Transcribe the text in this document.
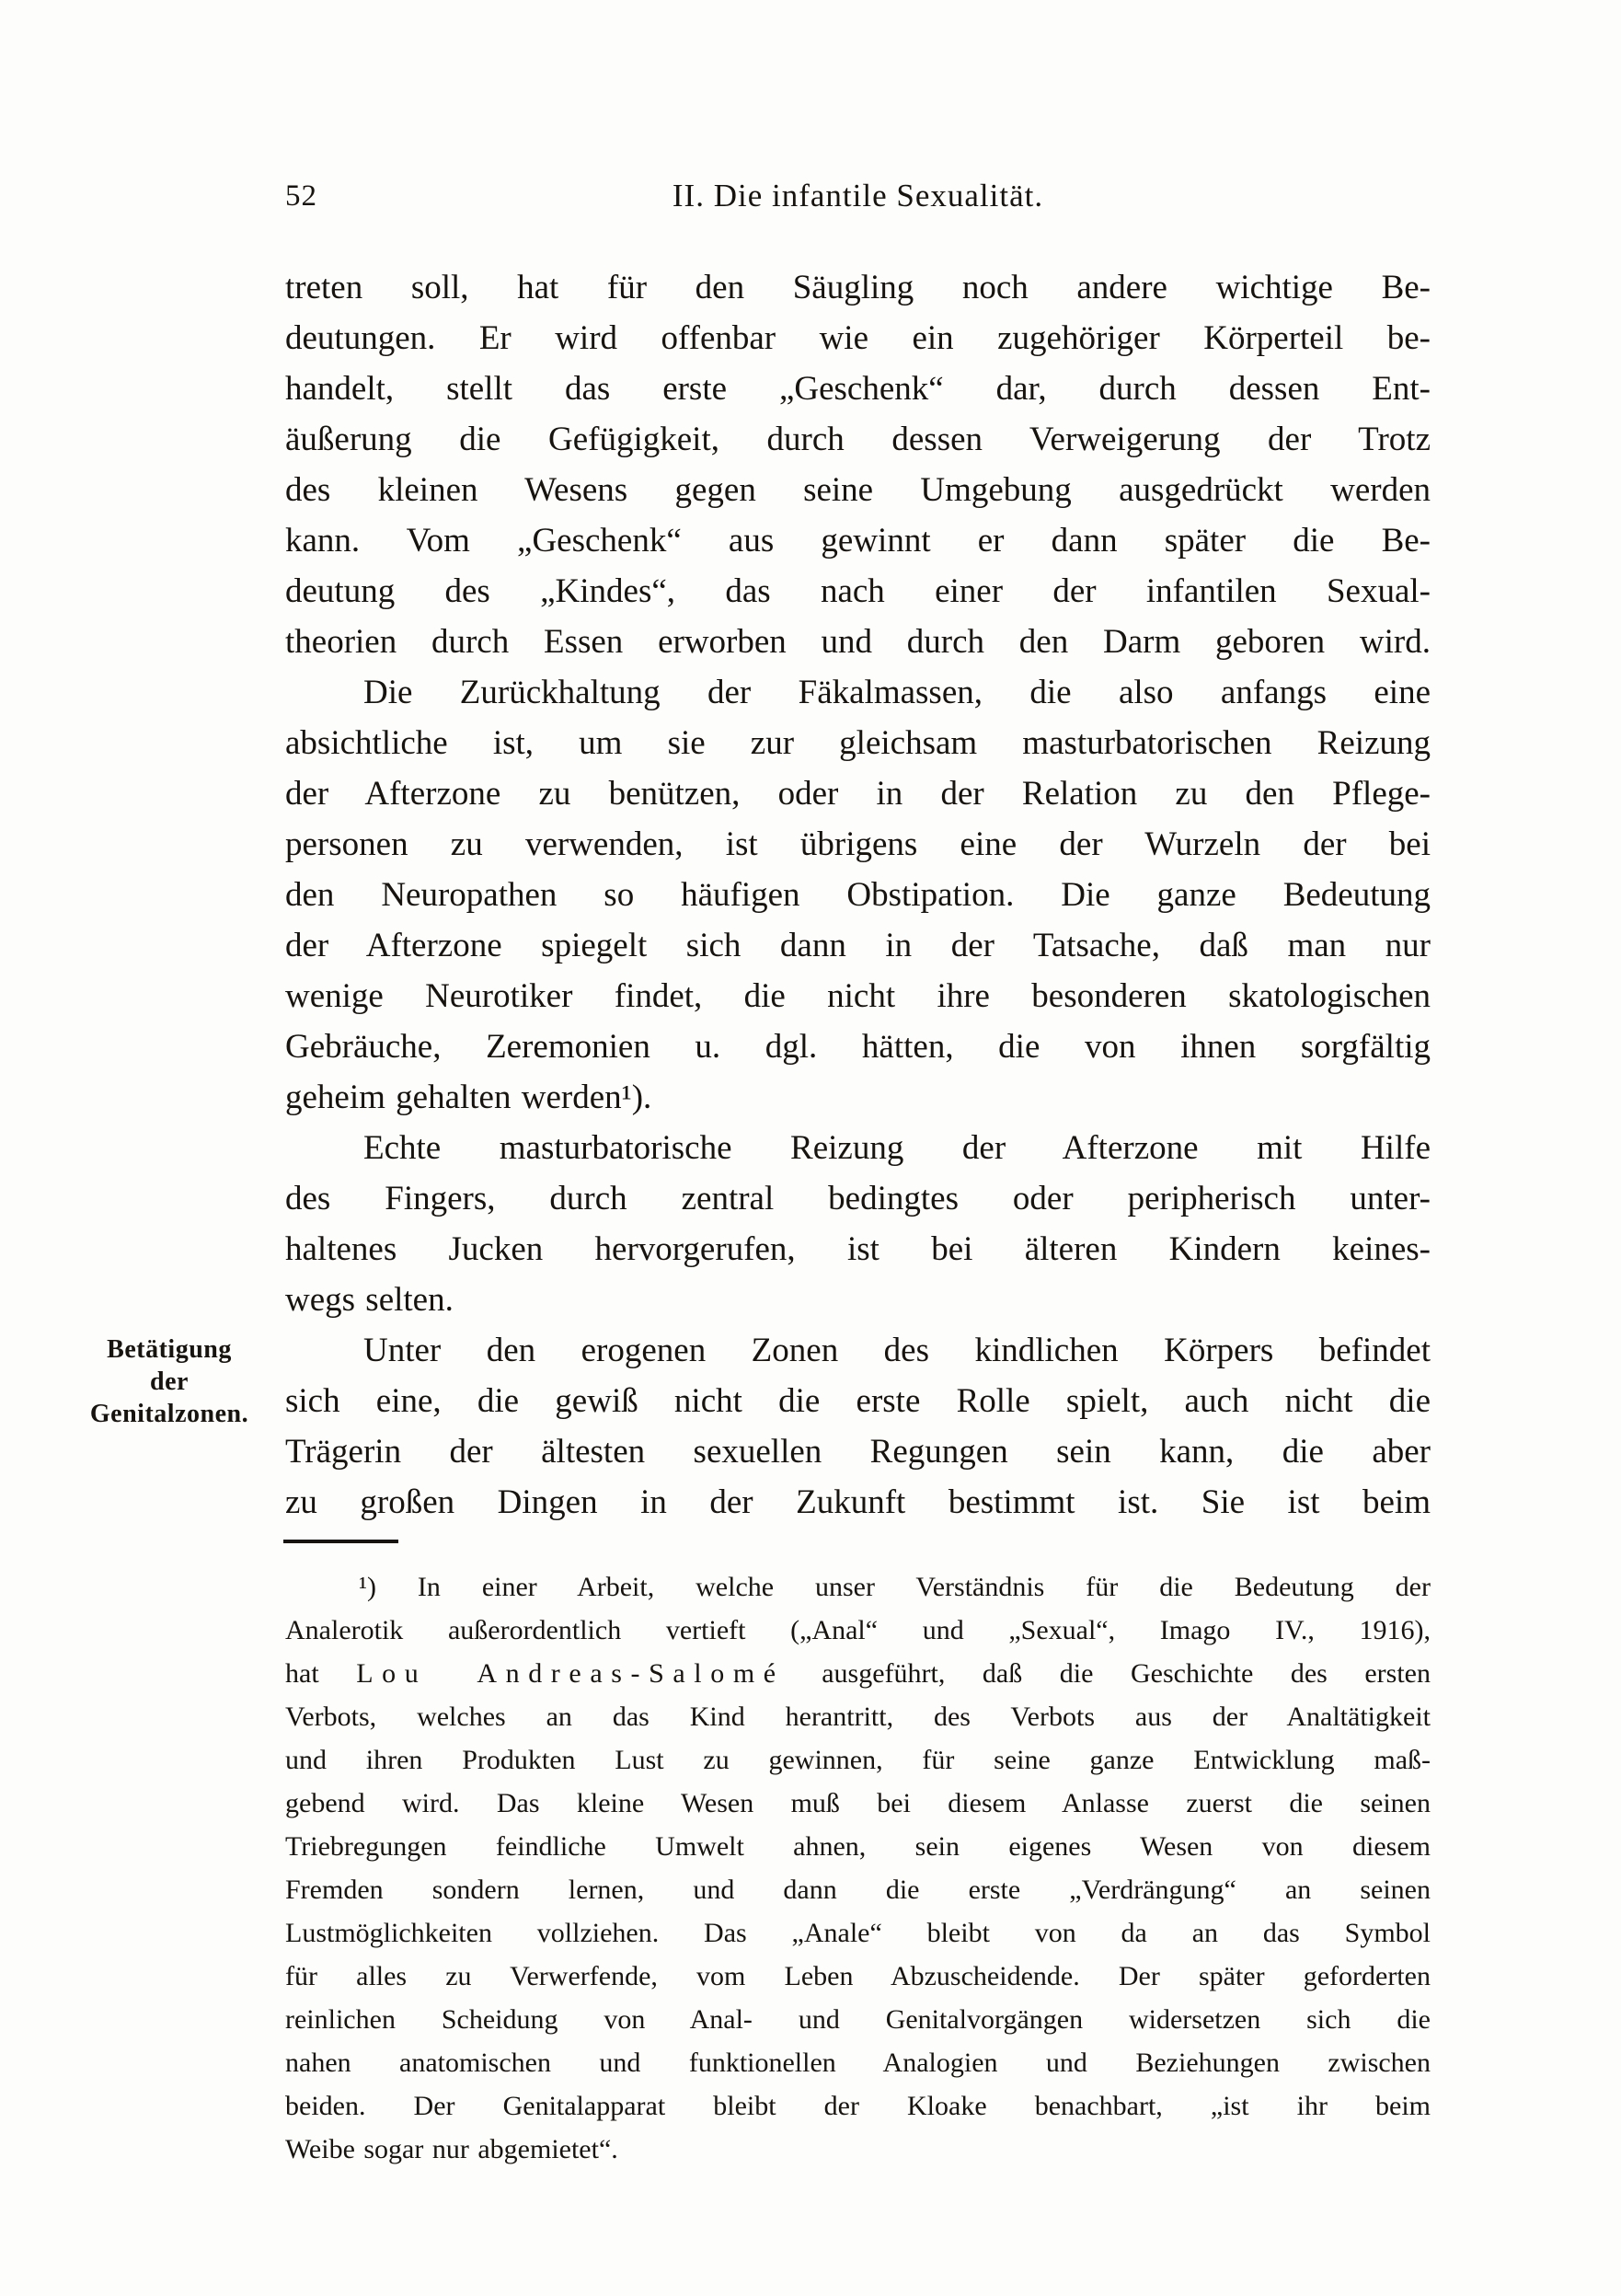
52	II. Die infantile Sexualität.
Betätigung
der
Genitalzonen.
treten soll, hat für den Säugling noch andere wichtige Be-
deutungen. Er wird offenbar wie ein zugehöriger Körperteil be-
handelt, stellt das erste „Geschenk“ dar, durch dessen Ent-
äußerung die Gefügigkeit, durch dessen Verweigerung der Trotz
des kleinen Wesens gegen seine Umgebung ausgedrückt werden
kann. Vom „Geschenk“ aus gewinnt er dann später die Be-
deutung des „Kindes“, das nach einer der infantilen Sexual-
theorien durch Essen erworben und durch den Darm geboren wird.
Die Zurückhaltung der Fäkalmassen, die also anfangs eine
absichtliche ist, um sie zur gleichsam masturbatorischen Reizung
der Afterzone zu benützen, oder in der Relation zu den Pflege-
personen zu verwenden, ist übrigens eine der Wurzeln der bei
den Neuropathen so häufigen Obstipation. Die ganze Bedeutung
der Afterzone spiegelt sich dann in der Tatsache, daß man nur
wenige Neurotiker findet, die nicht ihre besonderen skatologischen
Gebräuche, Zeremonien u. dgl. hätten, die von ihnen sorgfältig
geheim gehalten werden¹).
Echte masturbatorische Reizung der Afterzone mit Hilfe
des Fingers, durch zentral bedingtes oder peripherisch unter-
haltenes Jucken hervorgerufen, ist bei älteren Kindern keines-
wegs selten.
Unter den erogenen Zonen des kindlichen Körpers befindet
sich eine, die gewiß nicht die erste Rolle spielt, auch nicht die
Trägerin der ältesten sexuellen Regungen sein kann, die aber
zu großen Dingen in der Zukunft bestimmt ist. Sie ist beim
¹) In einer Arbeit, welche unser Verständnis für die Bedeutung der
Analerotik außerordentlich vertieft („Anal“ und „Sexual“, Imago IV., 1916),
hat Lou Andreas-Salomé ausgeführt, daß die Geschichte des ersten
Verbots, welches an das Kind herantritt, des Verbots aus der Analtätigkeit
und ihren Produkten Lust zu gewinnen, für seine ganze Entwicklung maß-
gebend wird. Das kleine Wesen muß bei diesem Anlasse zuerst die seinen
Triebregungen feindliche Umwelt ahnen, sein eigenes Wesen von diesem
Fremden sondern lernen, und dann die erste „Verdrängung“ an seinen
Lustmöglichkeiten vollziehen. Das „Anale“ bleibt von da an das Symbol
für alles zu Verwerfende, vom Leben Abzuscheidende. Der später geforderten
reinlichen Scheidung von Anal- und Genitalvorgängen widersetzen sich die
nahen anatomischen und funktionellen Analogien und Beziehungen zwischen
beiden. Der Genitalapparat bleibt der Kloake benachbart, „ist ihr beim
Weibe sogar nur abgemietet“.
